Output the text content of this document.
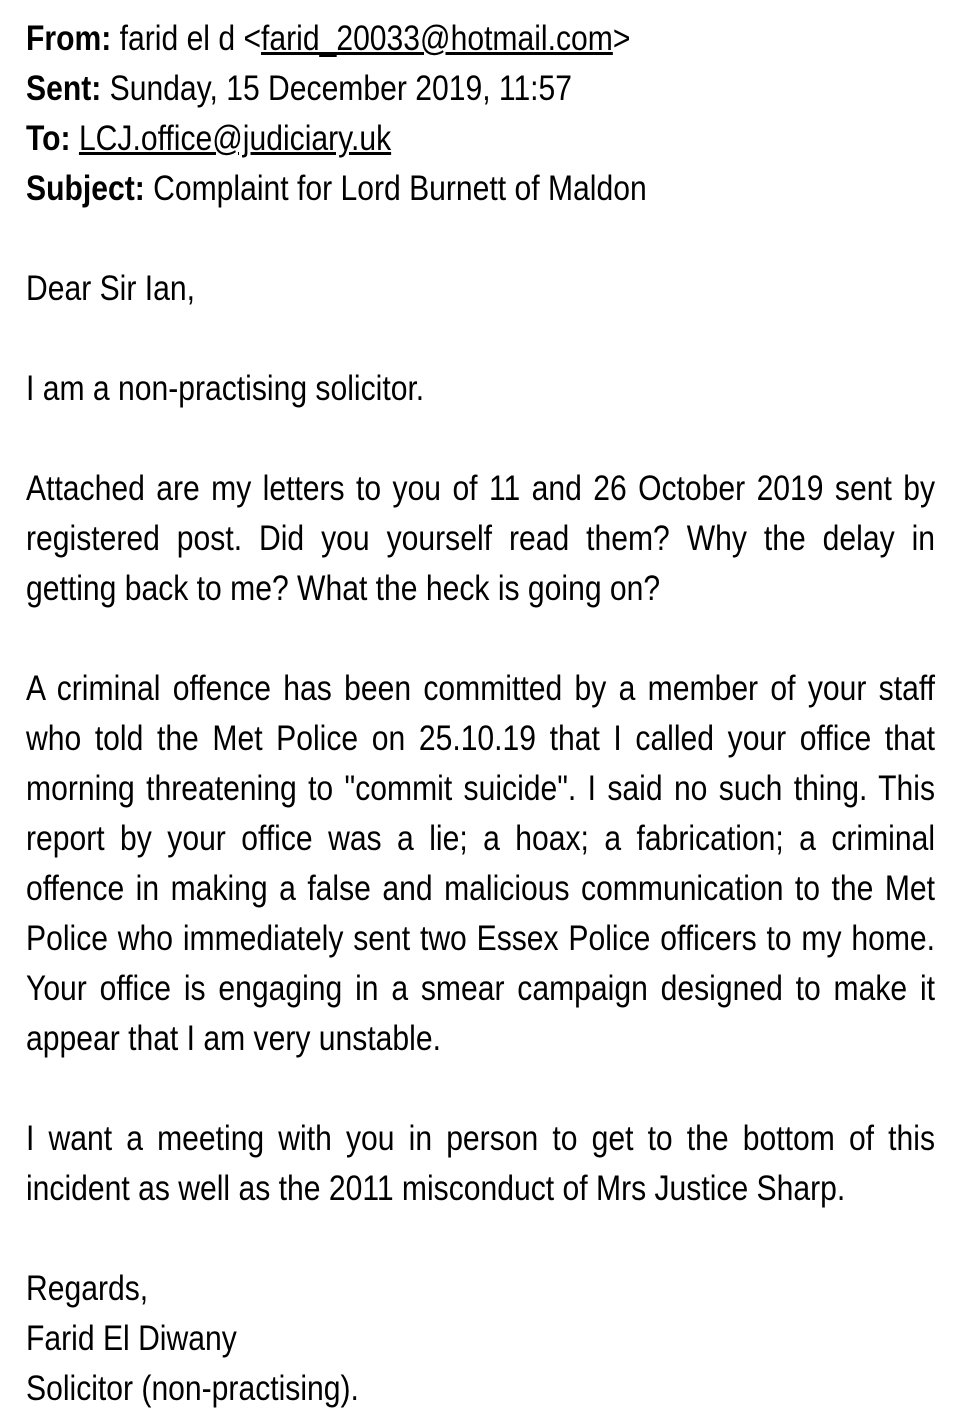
From: farid el d <farid_20033@hotmail.com>
Sent: Sunday, 15 December 2019, 11:57
To: LCJ.office@judiciary.uk
Subject: Complaint for Lord Burnett of Maldon

Dear Sir Ian,

I am a non-practising solicitor.

Attached are my letters to you of 11 and 26 October 2019 sent by registered post. Did you yourself read them? Why the delay in getting back to me? What the heck is going on?

A criminal offence has been committed by a member of your staff who told the Met Police on 25.10.19 that I called your office that morning threatening to "commit suicide". I said no such thing. This report by your office was a lie; a hoax; a fabrication; a criminal offence in making a false and malicious communication to the Met Police who immediately sent two Essex Police officers to my home. Your office is engaging in a smear campaign designed to make it appear that I am very unstable.

I want a meeting with you in person to get to the bottom of this incident as well as the 2011 misconduct of Mrs Justice Sharp.

Regards,
Farid El Diwany
Solicitor (non-practising).
